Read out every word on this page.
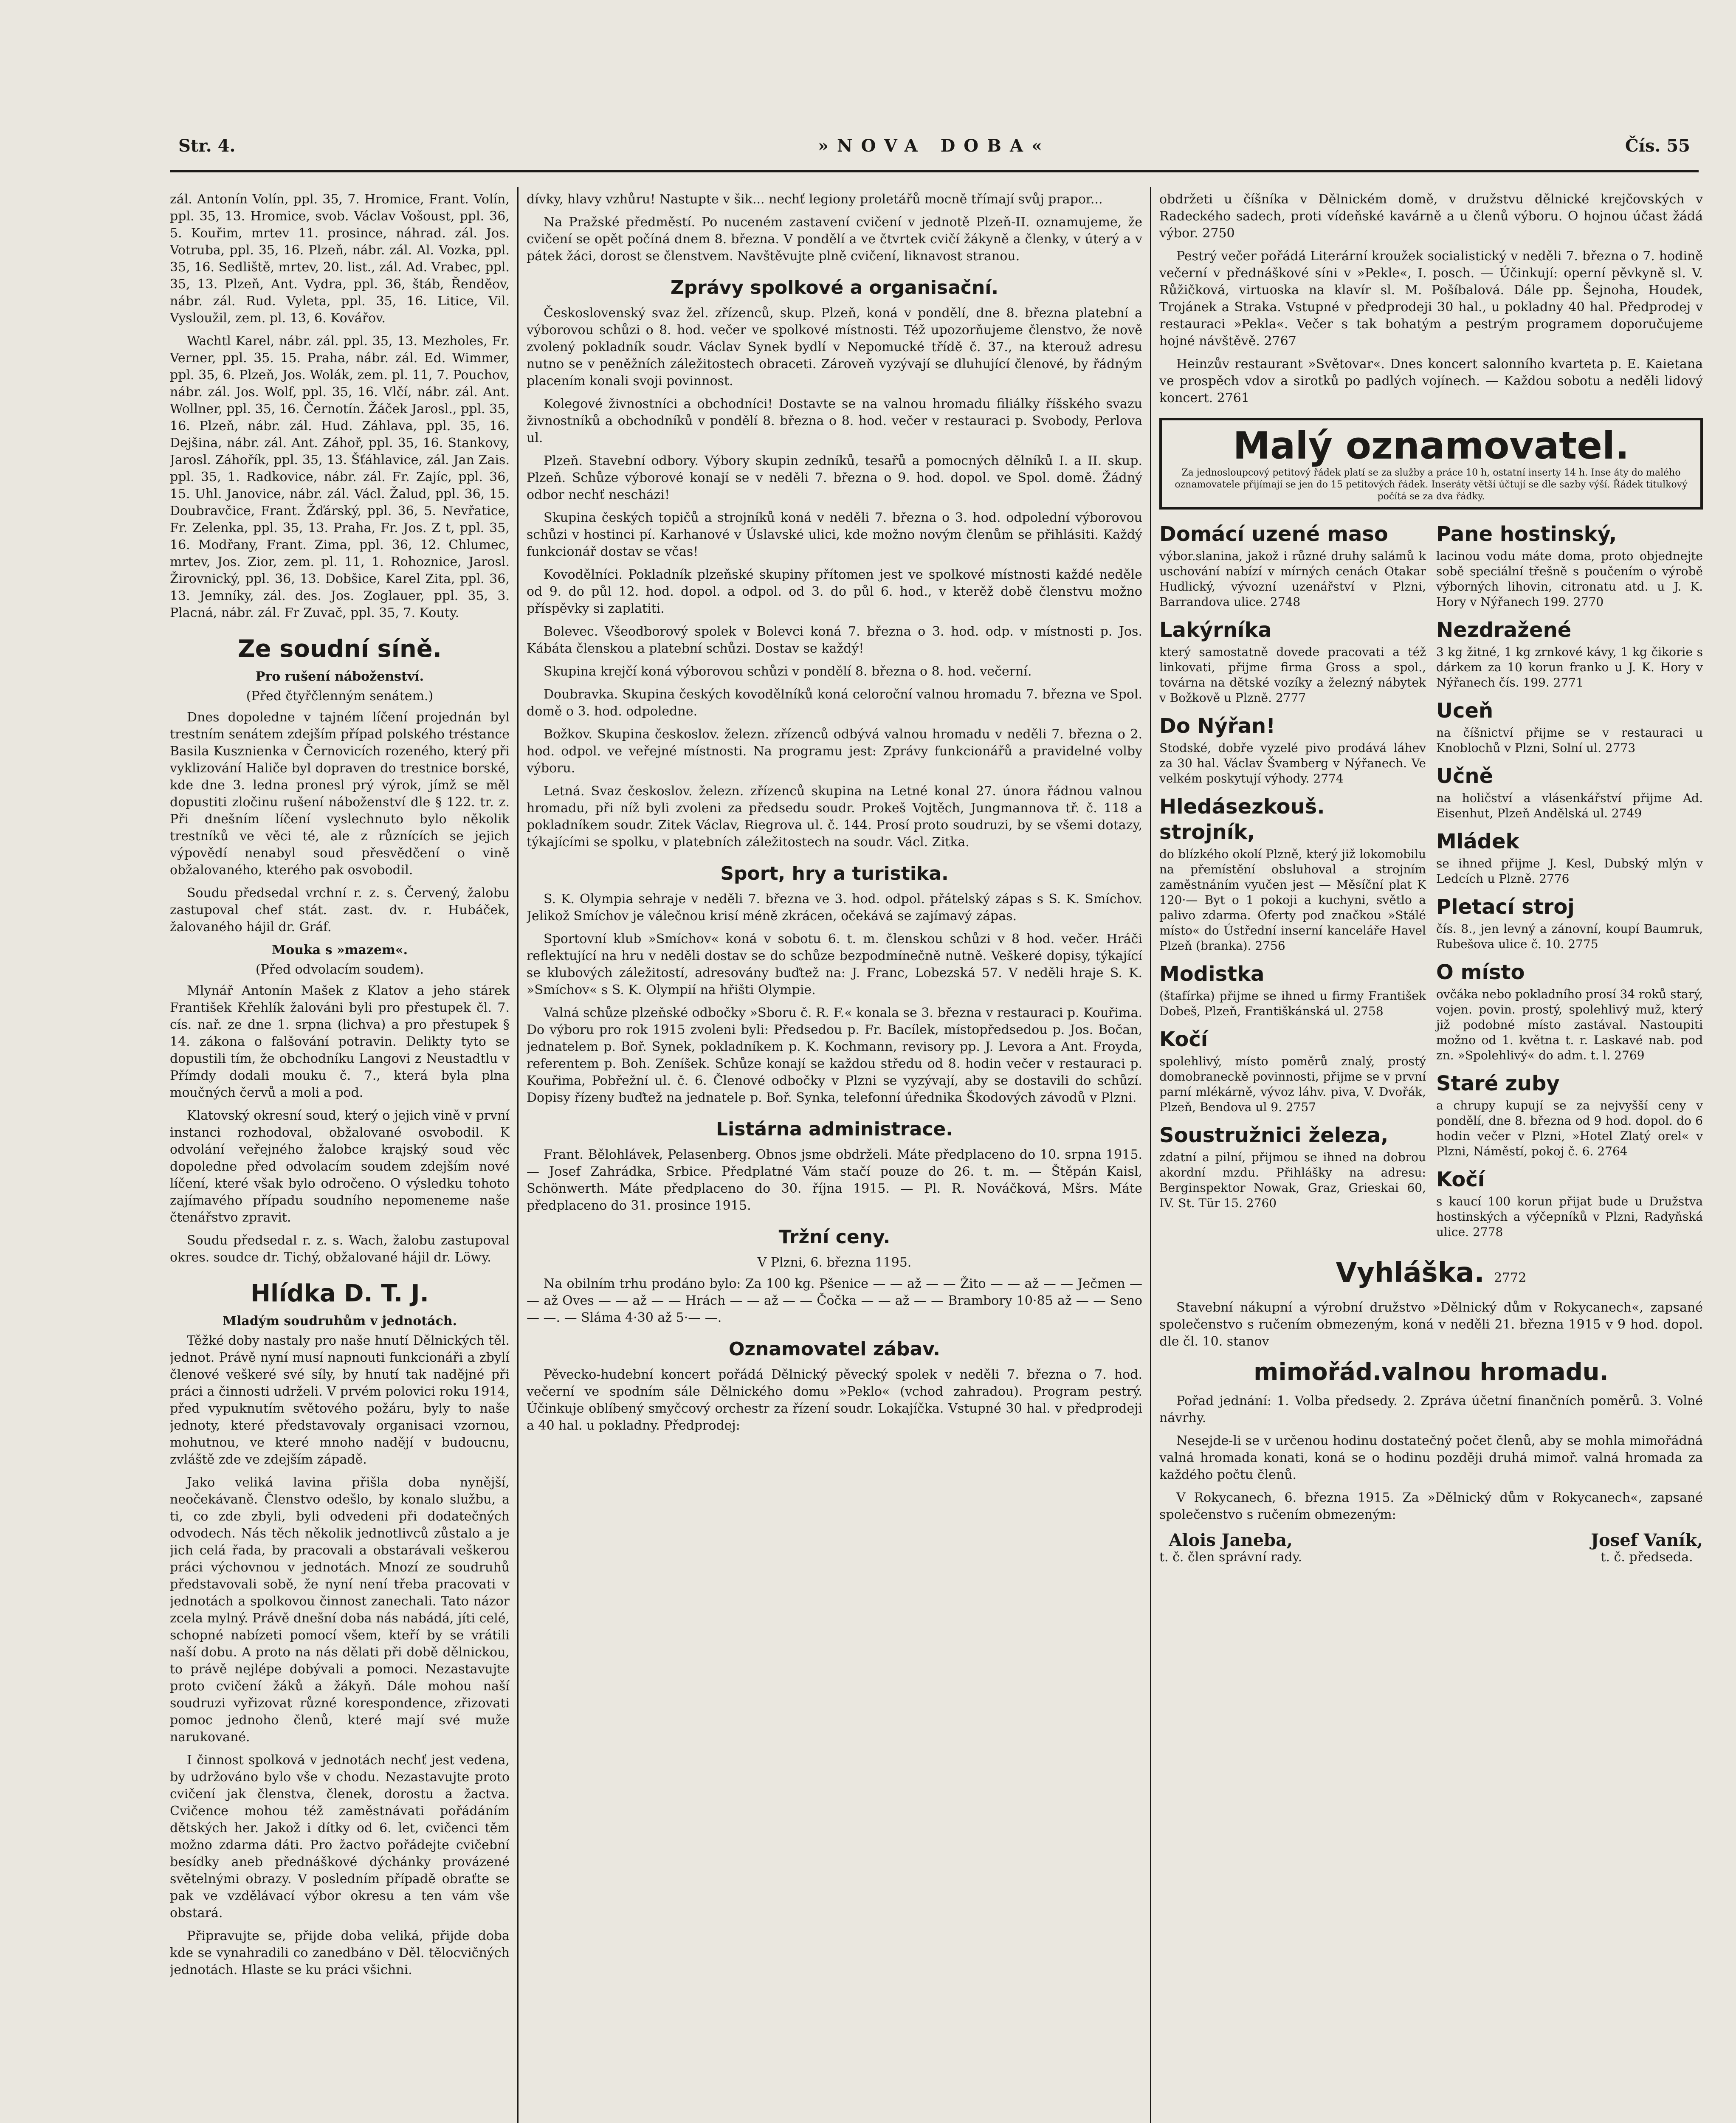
Str. 4.	»NOVA DOBA«	Čís. 55

zál. Antonín Volín, ppl. 35, 7. Hromice, Frant. Volín, ppl. 35, 13. Hromice, svob. Václav Vošoust, ppl. 36, 5. Kouřim, mrtev 11. prosince, náhrad. zál. Jos. Votruba, ppl. 35, 16. Plzeň, nábr. zál. Al. Vozka, ppl. 35, 16. Sedliště, mrtev, 20. list., zál. Ad. Vrabec, ppl. 35, 13. Plzeň, Ant. Vydra, ppl. 36, štáb, Řenděov, nábr. zál. Rud. Vyleta, ppl. 35, 16. Litice, Vil. Vysloužil, zem. pl. 13, 6. Kovářov.

Wachtl Karel, nábr. zál. ppl. 35, 13. Mezholes, Fr. Verner, ppl. 35. 15. Praha, nábr. zál. Ed. Wimmer, ppl. 35, 6. Plzeň, Jos. Wolák, zem. pl. 11, 7. Pouchov, nábr. zál. Jos. Wolf, ppl. 35, 16. Vlčí, nábr. zál. Ant. Wollner, ppl. 35, 16. Černotín. Žáček Jarosl., ppl. 35, 16. Plzeň, nábr. zál. Hud. Záhlava, ppl. 35, 16. Dejšina, nábr. zál. Ant. Záhoř, ppl. 35, 16. Stankovy, Jarosl. Záhořík, ppl. 35, 13. Šťáhlavice, zál. Jan Zais. ppl. 35, 1. Radkovice, nábr. zál. Fr. Zajíc, ppl. 36, 15. Uhl. Janovice, nábr. zál. Václ. Žalud, ppl. 36, 15. Doubravčice, Frant. Žďárský, ppl. 36, 5. Nevřatice, Fr. Zelenka, ppl. 35, 13. Praha, Fr. Jos. Z t, ppl. 35, 16. Modřany, Frant. Zima, ppl. 36, 12. Chlumec, mrtev, Jos. Zior, zem. pl. 11, 1. Rohoznice, Jarosl. Žirovnický, ppl. 36, 13. Dobšice, Karel Zita, ppl. 36, 13. Jemníky, zál. des. Jos. Zoglauer, ppl. 35, 3. Placná, nábr. zál. Fr Zuvač, ppl. 35, 7. Kouty.

Ze soudní síně.
Pro rušení náboženství.
(Před čtyřčlenným senátem.)

Dnes dopoledne v tajném líčení projednán byl trestním senátem zdejším případ polského tréstance Basila Kusznienka v Černovicích rozeného, který při vyklizování Haliče byl dopraven do trestnice borské, kde dne 3. ledna pronesl prý výrok, jímž se měl dopustiti zločinu rušení náboženství dle § 122. tr. z. Při dnešním líčení vyslechnuto bylo několik trestníků ve věci té, ale z různících se jejich výpovědí nenabyl soud přesvědčení o vině obžalovaného, kterého pak osvobodil.

Soudu předsedal vrchní r. z. s. Červený, žalobu zastupoval chef stát. zast. dv. r. Hubáček, žalovaného hájil dr. Gráf.

Mouka s »mazem«.
(Před odvolacím soudem).

Mlynář Antonín Mašek z Klatov a jeho stárek František Křehlík žalováni byli pro přestupek čl. 7. cís. nař. ze dne 1. srpna (lichva) a pro přestupek § 14. zákona o falšování potravin. Delikty tyto se dopustili tím, že obchodníku Langovi z Neustadtlu v Přímdy dodali mouku č. 7., která byla plna moučných červů a moli a pod.

Klatovský okresní soud, který o jejich vině v první instanci rozhodoval, obžalované osvobodil. K odvolání veřejného žalobce krajský soud věc dopoledne před odvolacím soudem zdejším nové líčení, které však bylo odročeno. O výsledku tohoto zajímavého případu soudního nepomeneme naše čtenářstvo zpravit.

Soudu předsedal r. z. s. Wach, žalobu zastupoval okres. soudce dr. Tichý, obžalované hájil dr. Löwy.

Hlídka D. T. J.
Mladým soudruhům v jednotách.

Těžké doby nastaly pro naše hnutí Dělnických těl. jednot. Právě nyní musí napnouti funkcionáři a zbylí členové veškeré své síly, by hnutí tak nadějné při práci a činnosti udrželi. V prvém polovici roku 1914, před vypuknutím světového požáru, byly to naše jednoty, které představovaly organisaci vzornou, mohutnou, ve které mnoho nadějí v budoucnu, zvláště zde ve zdejším západě.

Jako veliká lavina přišla doba nynější, neočekávaně. Členstvo odešlo, by konalo službu, a ti, co zde zbyli, byli odvedeni při dodatečných odvodech. Nás těch několik jednotlivců zůstalo a je jich celá řada, by pracovali a obstarávali veškerou práci výchovnou v jednotách. Mnozí ze soudruhů představovali sobě, že nyní není třeba pracovati v jednotách a spolkovou činnost zanechali. Tato názor zcela mylný. Právě dnešní doba nás nabádá, jíti celé, schopné nabízeti pomocí všem, kteří by se vrátili naší dobu. A proto na nás dělati při době dělnickou, to právě nejlépe dobývali a pomoci. Nezastavujte proto cvičení žáků a žákyň. Dále mohou naší soudruzi vyřizovat různé korespondence, zřizovati pomoc jednoho členů, které mají své muže narukované.

I činnost spolková v jednotách nechť jest vedena, by udržováno bylo vše v chodu. Nezastavujte proto cvičení jak členstva, členek, dorostu a žactva. Cvičence mohou též zaměstnávati pořádáním dětských her. Jakož i dítky od 6. let, cvičenci těm možno zdarma dáti. Pro žactvo pořádejte cvičební besídky aneb přednáškové dýchánky provázené světelnými obrazy. V posledním případě obraťte se pak ve vzdělávací výbor okresu a ten vám vše obstará.

Připravujte se, přijde doba veliká, přijde doba kde se vynahradili co zanedbáno v Děl. tělocvičných jednotách. Hlaste se ku práci všichni.

dívky, hlavy vzhůru! Nastupte v šik... nechť legiony proletářů mocně třímají svůj prapor...

Na Pražské předměstí. Po nuceném zastavení cvičení v jednotě Plzeň-II. oznamujeme, že cvičení se opět počíná dnem 8. března. V pondělí a ve čtvrtek cvičí žákyně a členky, v úterý a v pátek žáci, dorost se členstvem. Navštěvujte plně cvičení, liknavost stranou.

Zprávy spolkové a organisační.

Československý svaz žel. zřízenců, skup. Plzeň, koná v pondělí, dne 8. března platební a výborovou schůzi o 8. hod. večer ve spolkové místnosti. Též upozorňujeme členstvo, že nově zvolený pokladník soudr. Václav Synek bydlí v Nepomucké třídě č. 37., na kterouž adresu nutno se v peněžních záležitostech obraceti. Zároveň vyzývají se dluhující členové, by řádným placením konali svoji povinnost.

Kolegové živnostníci a obchodníci! Dostavte se na valnou hromadu filiálky říšského svazu živnostníků a obchodníků v pondělí 8. března o 8. hod. večer v restauraci p. Svobody, Perlova ul.

Plzeň. Stavební odbory. Výbory skupin zedníků, tesařů a pomocných dělníků I. a II. skup. Plzeň. Schůze výborové konají se v neděli 7. března o 9. hod. dopol. ve Spol. domě. Žádný odbor nechť nescházi!

Skupina českých topičů a strojníků koná v neděli 7. března o 3. hod. odpolední výborovou schůzi v hostinci pí. Karhanové v Úslavské ulici, kde možno novým členům se přihlásiti. Každý funkcionář dostav se včas!

Kovodělníci. Pokladník plzeňské skupiny přítomen jest ve spolkové místnosti každé neděle od 9. do půl 12. hod. dopol. a odpol. od 3. do půl 6. hod., v kterěž době členstvu možno příspěvky si zaplatiti.

Bolevec. Všeodborový spolek v Bolevci koná 7. března o 3. hod. odp. v místnosti p. Jos. Kábáta členskou a platební schůzi. Dostav se každý!

Skupina krejčí koná výborovou schůzi v pondělí 8. března o 8. hod. večerní.

Doubravka. Skupina českých kovodělníků koná celoroční valnou hromadu 7. března ve Spol. domě o 3. hod. odpoledne.

Božkov. Skupina českoslov. železn. zřízenců odbývá valnou hromadu v neděli 7. března o 2. hod. odpol. ve veřejné místnosti. Na programu jest: Zprávy funkcionářů a pravidelné volby výboru.

Letná. Svaz českoslov. železn. zřízenců skupina na Letné konal 27. února řádnou valnou hromadu, při níž byli zvoleni za předsedu soudr. Prokeš Vojtěch, Jungmannova tř. č. 118 a pokladníkem soudr. Zitek Václav, Riegrova ul. č. 144. Prosí proto soudruzi, by se všemi dotazy, týkajícími se spolku, v platebních záležitostech na soudr. Václ. Zitka.

Sport, hry a turistika.

S. K. Olympia sehraje v neděli 7. března ve 3. hod. odpol. přátelský zápas s S. K. Smíchov. Jelikož Smíchov je válečnou krisí méně zkrácen, očekává se zajímavý zápas.

Sportovní klub »Smíchov« koná v sobotu 6. t. m. členskou schůzi v 8 hod. večer. Hráči reflektující na hru v neděli dostav se do schůze bezpodmínečně nutně. Veškeré dopisy, týkající se klubových záležitostí, adresovány buďtež na: J. Franc, Lobezská 57. V neděli hraje S. K. »Smíchov« s S. K. Olympií na hřišti Olympie.

Valná schůze plzeňské odbočky »Sboru č. R. F.« konala se 3. března v restauraci p. Kouřima. Do výboru pro rok 1915 zvoleni byli: Předsedou p. Fr. Bacílek, místopředsedou p. Jos. Bočan, jednatelem p. Boř. Synek, pokladníkem p. K. Kochmann, revisory pp. J. Levora a Ant. Froyda, referentem p. Boh. Zeníšek. Schůze konají se každou středu od 8. hodin večer v restauraci p. Kouřima, Pobřežní ul. č. 6. Členové odbočky v Plzni se vyzývají, aby se dostavili do schůzí. Dopisy řízeny buďtež na jednatele p. Boř. Synka, telefonní úřednika Škodových závodů v Plzni.

Listárna administrace.

Frant. Bělohlávek, Pelasenberg. Obnos jsme obdrželi. Máte předplaceno do 10. srpna 1915. — Josef Zahrádka, Srbice. Předplatné Vám stačí pouze do 26. t. m. — Štěpán Kaisl, Schönwerth. Máte předplaceno do 30. října 1915. — Pl. R. Nováčková, Mšrs. Máte předplaceno do 31. prosince 1915.

Tržní ceny.
V Plzni, 6. března 1195.

Na obilním trhu prodáno bylo: Za 100 kg. Pšenice — — až — — Žito — — až — — Ječmen — — až Oves — — až — — Hrách — — až — — Čočka — — až — — Brambory 10·85 až — — Seno — —. — Sláma 4·30 až 5·— —.

Oznamovatel zábav.

Pěvecko-hudební koncert pořádá Dělnický pěvecký spolek v neděli 7. března o 7. hod. večerní ve spodním sále Dělnického domu »Peklo« (vchod zahradou). Program pestrý. Účinkuje oblíbený smyčcový orchestr za řízení soudr. Lokajíčka. Vstupné 30 hal. v předprodeji a 40 hal. u pokladny. Předprodej:

obdržeti u číšníka v Dělnickém domě, v družstvu dělnické krejčovských v Radeckého sadech, proti vídeňské kavárně a u členů výboru. O hojnou účast žádá výbor. 2750

Pestrý večer pořádá Literární kroužek socialistický v neděli 7. března o 7. hodině večerní v přednáškové síni v »Pekle«, I. posch. — Účinkují: operní pěvkyně sl. V. Růžičková, virtuoska na klavír sl. M. Pošíbalová. Dále pp. Šejnoha, Houdek, Trojánek a Straka. Vstupné v předprodeji 30 hal., u pokladny 40 hal. Předprodej v restauraci »Pekla«. Večer s tak bohatým a pestrým programem doporučujeme hojné návštěvě. 2767

Heinzův restaurant »Světovar«. Dnes koncert salonního kvarteta p. E. Kaietana ve prospěch vdov a sirotků po padlých vojínech. — Každou sobotu a neděli lidový koncert. 2761

Malý oznamovatel.
Za jednosloupcový petitový řádek platí se za služby a práce 10 h, ostatní inserty 14 h. Inse áty do malého oznamovatele přijímají se jen do 15 petitových řádek. Inseráty větší účtují se dle sazby výší. Řádek titulkový počítá se za dva řádky.
Domácí uzené maso

výbor.slanina, jakož i různé druhy salámů k uschování nabízí v mírných cenách Otakar Hudlický, vývozní uzenářství v Plzni, Barrandova ulice. 2748

Lakýrníka

který samostatně dovede pracovati a též linkovati, přijme firma Gross a spol., továrna na dětské vozíky a železný nábytek v Božkově u Plzně. 2777

Do Nýřan!

Stodské, dobře vyzelé pivo prodává láhev za 30 hal. Václav Švamberg v Nýřanech. Ve velkém poskytují výhody. 2774

Hledásezkouš. strojník,

do blízkého okolí Plzně, který již lokomobilu na přemístění obsluhoval a strojním zaměstnáním vyučen jest — Měsíční plat K 120·— Byt o 1 pokoji a kuchyni, světlo a palivo zdarma. Oferty pod značkou »Stálé místo« do Ústřední inserní kanceláře Havel Plzeň (branka). 2756

Modistka

(štafírka) přijme se ihned u firmy František Dobeš, Plzeň, Františkánská ul. 2758

Kočí

spolehlivý, místo poměrů znalý, prostý domobraneckě povinnosti, přijme se v první parní mlékárně, vývoz láhv. piva, V. Dvořák, Plzeň, Bendova ul 9. 2757

Soustružnici železa,

zdatní a pilní, přijmou se ihned na dobrou akordní mzdu. Přihlášky na adresu: Berginspektor Nowak, Graz, Grieskai 60, IV. St. Tür 15. 2760

Pane hostinský,

lacinou vodu máte doma, proto objednejte sobě speciální třešně s poučením o výrobě výborných lihovin, citronatu atd. u J. K. Hory v Nýřanech 199. 2770

Nezdražené

3 kg žitné, 1 kg zrnkové kávy, 1 kg čikorie s dárkem za 10 korun franko u J. K. Hory v Nýřanech čís. 199. 2771

Uceň

na číšnictví přijme se v restauraci u Knoblochů v Plzni, Solní ul. 2773

Učně

na holičství a vlásenkářství přijme Ad. Eisenhut, Plzeň Andělská ul. 2749

Mládek

se ihned přijme J. Kesl, Dubský mlýn v Ledcích u Plzně. 2776

Pletací stroj

čís. 8., jen levný a zánovní, koupí Baumruk, Rubešova ulice č. 10. 2775

O místo

ovčáka nebo pokladního prosí 34 roků starý, vojen. povin. prostý, spolehlivý muž, který již podobné místo zastával. Nastoupiti možno od 1. května t. r. Laskavé nab. pod zn. »Spolehlivý« do adm. t. l. 2769

Staré zuby

a chrupy kupují se za nejvyšší ceny v pondělí, dne 8. března od 9 hod. dopol. do 6 hodin večer v Plzni, »Hotel Zlatý orel« v Plzni, Náměstí, pokoj č. 6. 2764

Kočí

s kaucí 100 korun přijat bude u Družstva hostinských a výčepníků v Plzni, Radyňská ulice. 2778

Vyhláška. 2772

Stavební nákupní a výrobní družstvo »Dělnický dům v Rokycanech«, zapsané společenstvo s ručením obmezeným, koná v neděli 21. března 1915 v 9 hod. dopol. dle čl. 10. stanov

mimořád.valnou hromadu.

Pořad jednání: 1. Volba předsedy. 2. Zpráva účetní finančních poměrů. 3. Volné návrhy.

Nesejde-li se v určenou hodinu dostatečný počet členů, aby se mohla mimořádná valná hromada konati, koná se o hodinu později druhá mimoř. valná hromada za každého počtu členů.

V Rokycanech, 6. března 1915. Za »Dělnický dům v Rokycanech«, zapsané společenstvo s ručením obmezeným:

Alois Janeba,
t. č. člen správní rady.
Josef Vaník,
t. č. předseda.
